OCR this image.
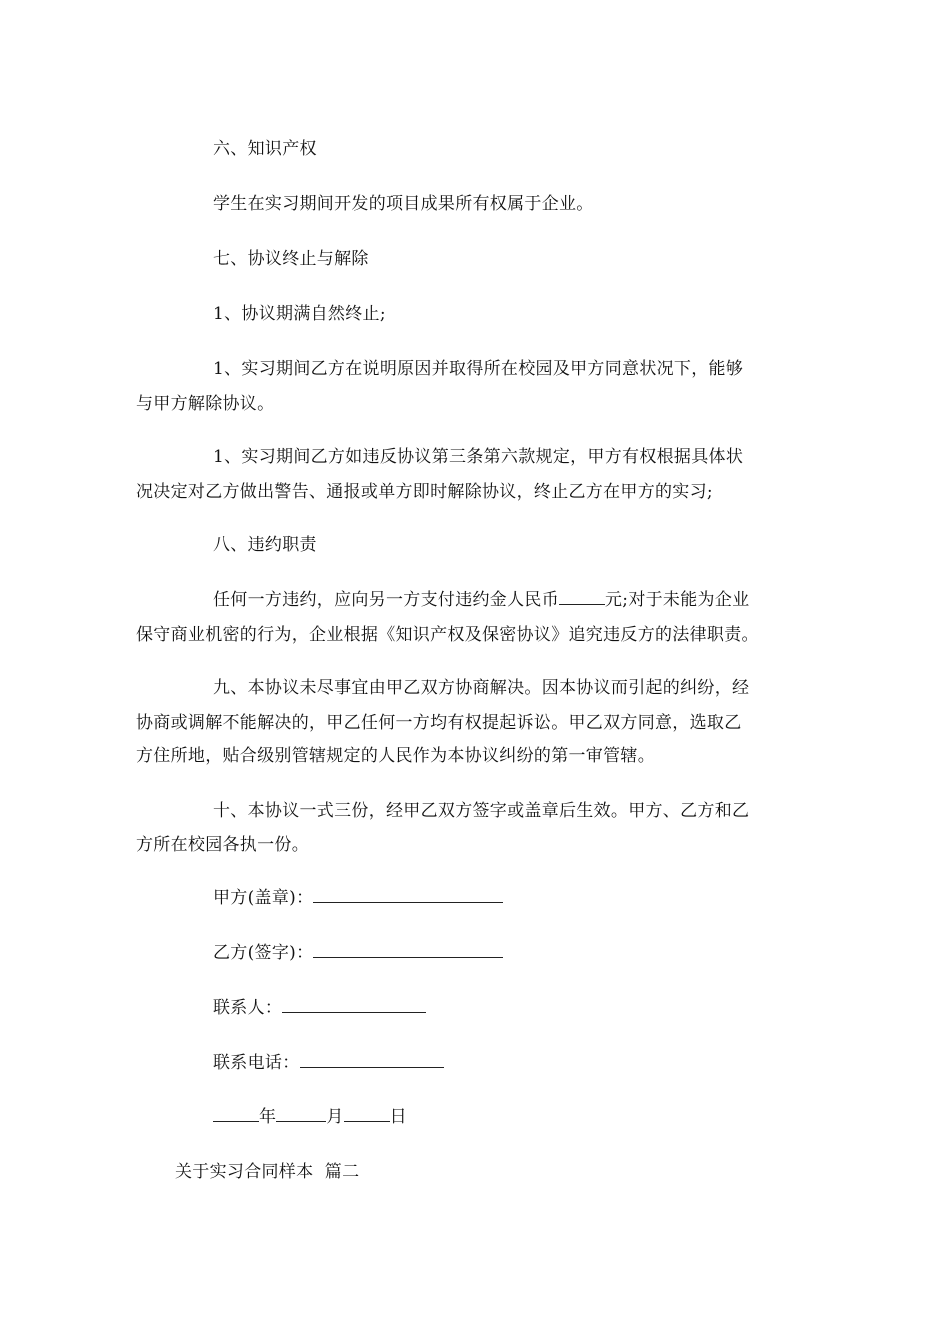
六、知识产权
学生在实习期间开发的项目成果所有权属于企业。
七、协议终止与解除
1、协议期满自然终止;
1、实习期间乙方在说明原因并取得所在校园及甲方同意状况下，能够
与甲方解除协议。
1、实习期间乙方如违反协议第三条第六款规定，甲方有权根据具体状
况决定对乙方做出警告、通报或单方即时解除协议，终止乙方在甲方的实习;
八、违约职责
任何一方违约，应向另一方支付违约金人民币	元;对于未能为企业
保守商业机密的行为，企业根据《知识产权及保密协议》追究违反方的法律职责。
九、本协议未尽事宜由甲乙双方协商解决。因本协议而引起的纠纷，经
协商或调解不能解决的，甲乙任何一方均有权提起诉讼。甲乙双方同意，选取乙
方住所地，贴合级别管辖规定的人民作为本协议纠纷的第一审管辖。
十、本协议一式三份，经甲乙双方签字或盖章后生效。甲方、乙方和乙
方所在校园各执一份。
甲方(盖章)：
乙方(签字)：
联系人：
联系电话：
年	月	日
关于实习合同样本  篇二
